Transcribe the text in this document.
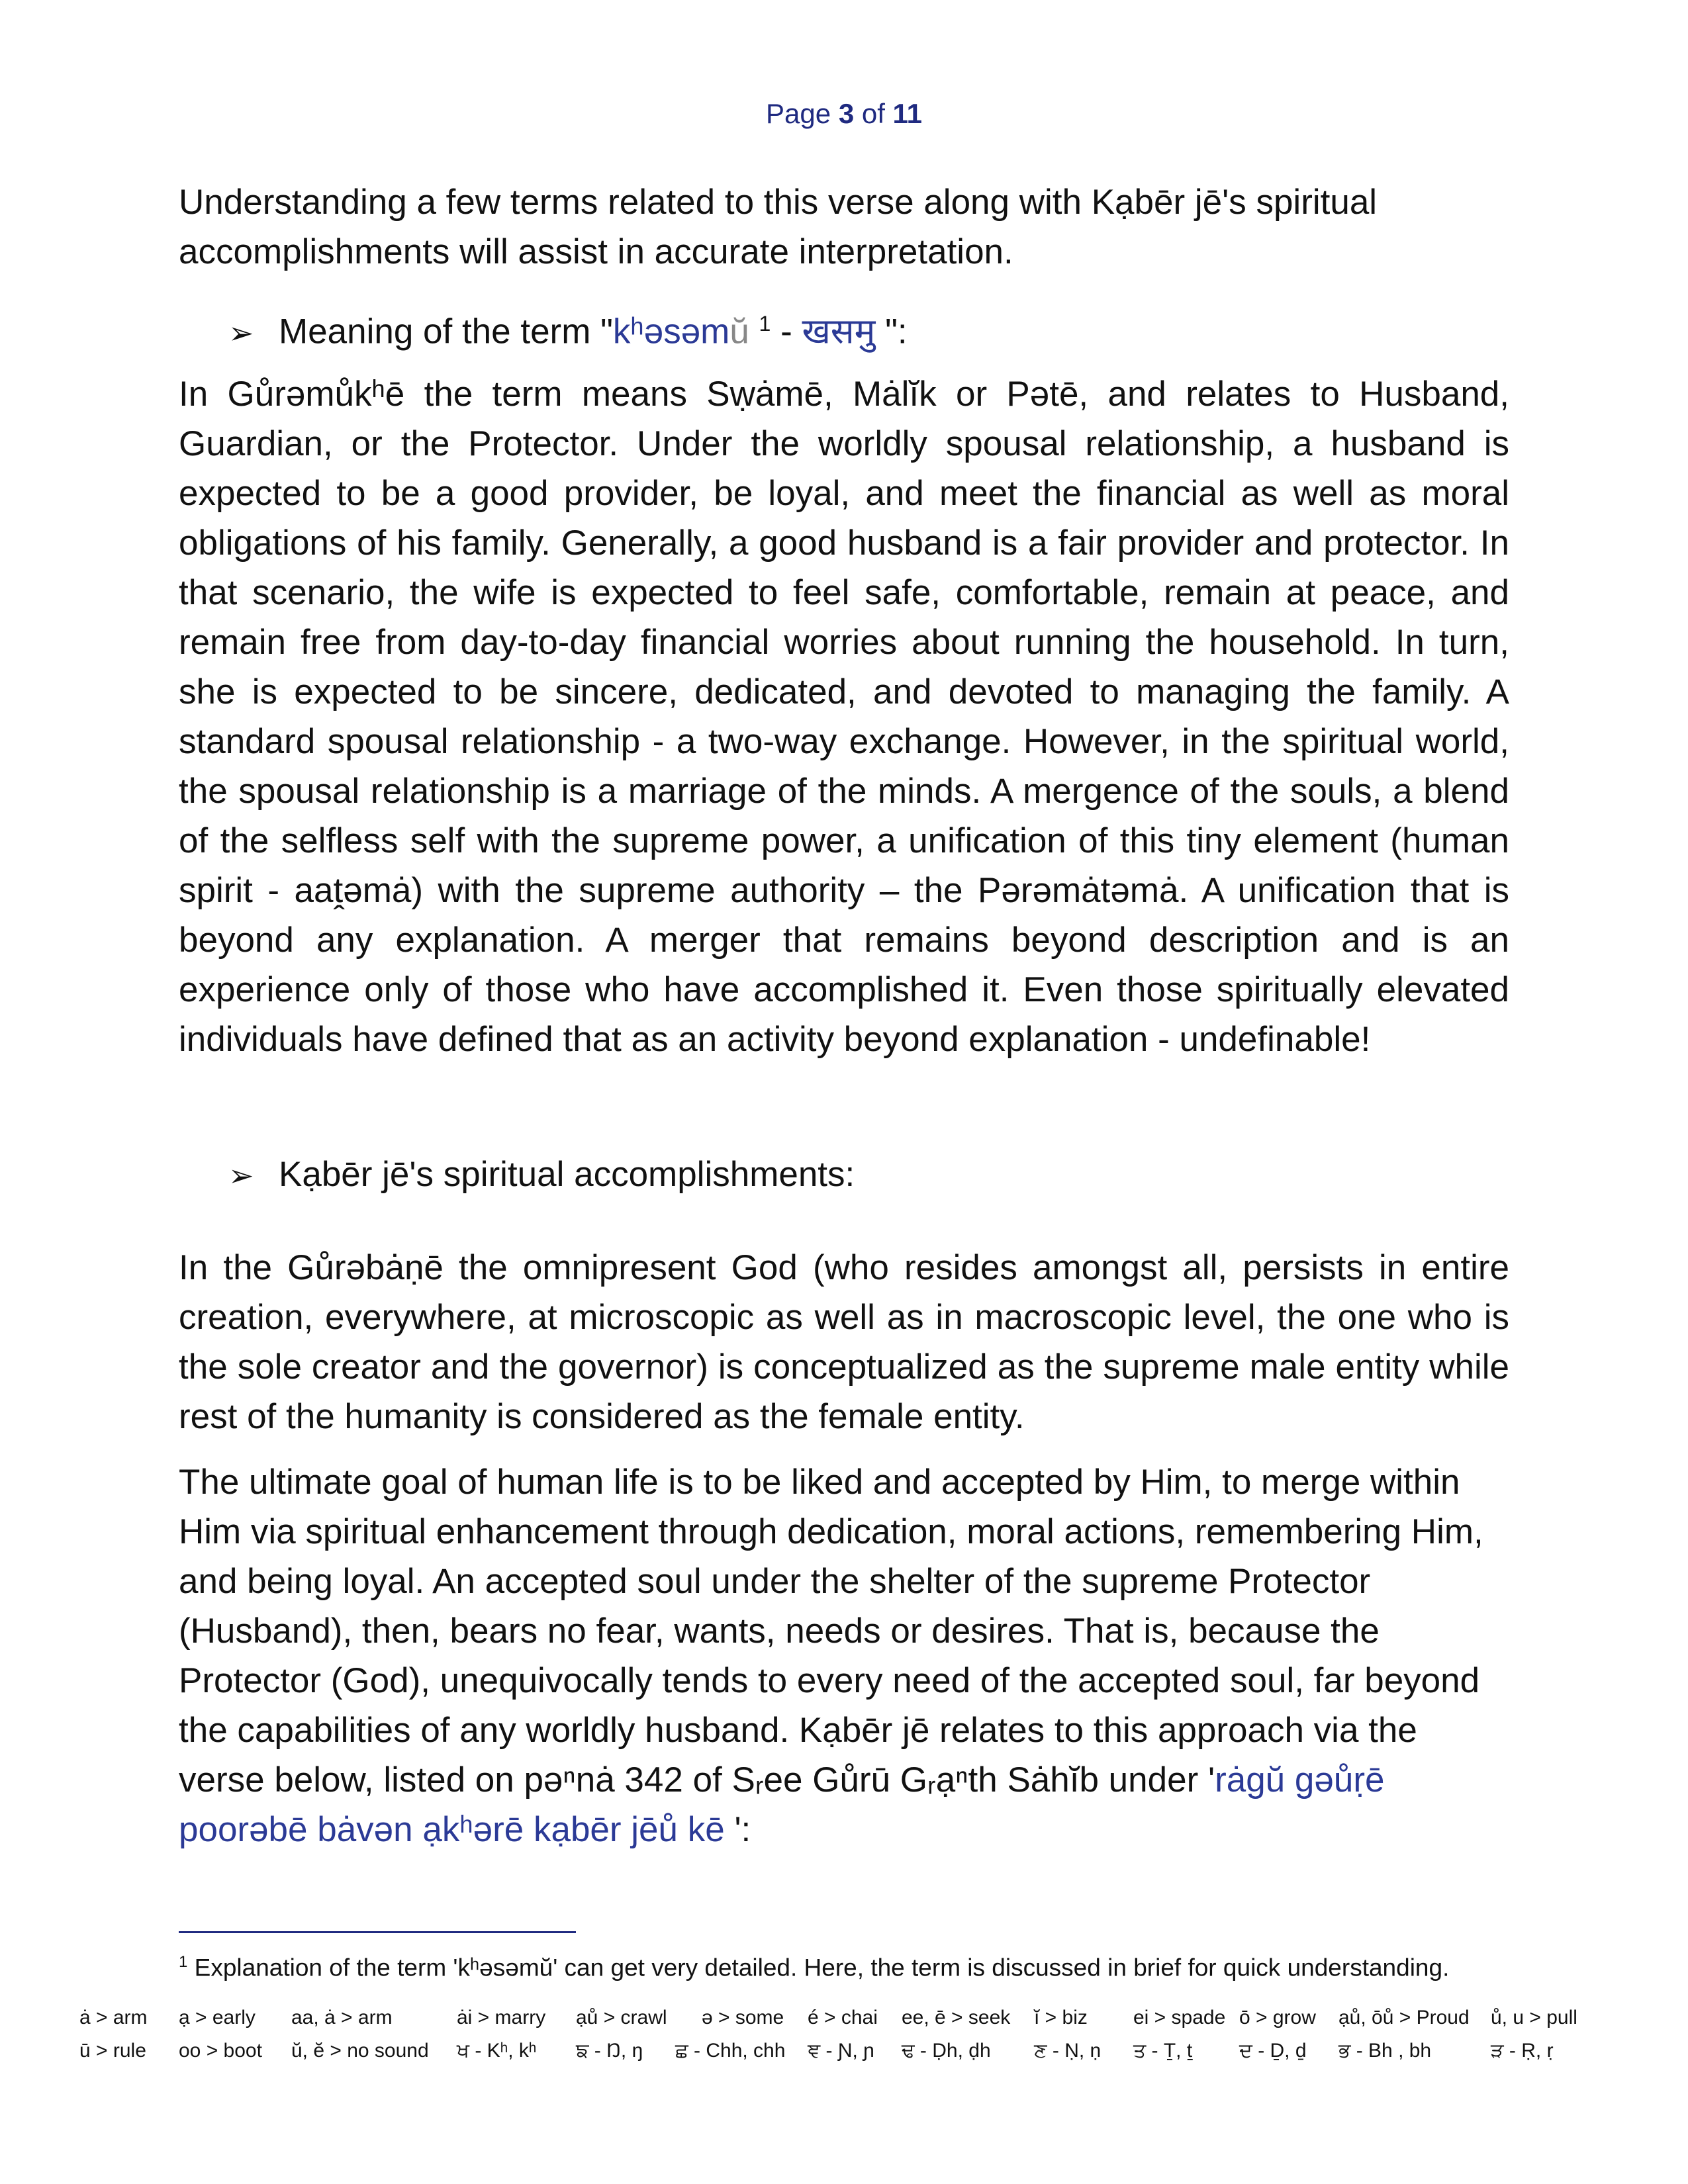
Page 3 of 11

Understanding a few terms related to this verse along with Kạbēr jē's spiritual accomplishments will assist in accurate interpretation.

➢ Meaning of the term "kʰəsəmŭ $^1$ - खसमु ":

In Gůrəmůkʰē the term means Sẉȧmē, Mȧlĭk or Pətē, and relates to Husband, Guardian, or the Protector. Under the worldly spousal relationship, a husband is expected to be a good provider, be loyal, and meet the financial as well as moral obligations of his family. Generally, a good husband is a fair provider and protector. In that scenario, the wife is expected to feel safe, comfortable, remain at peace, and remain free from day-to-day financial worries about running the household. In turn, she is expected to be sincere, dedicated, and devoted to managing the family. A standard spousal relationship - a two-way exchange. However, in the spiritual world, the spousal relationship is a marriage of the minds. A mergence of the souls, a blend of the selfless self with the supreme power, a unification of this tiny element (human spirit - aaṱəmȧ) with the supreme authority – the Pərəmȧtəmȧ. A unification that is beyond any explanation. A merger that remains beyond description and is an experience only of those who have accomplished it. Even those spiritually elevated individuals have defined that as an activity beyond explanation - undefinable!

➢ Kạbēr jē's spiritual accomplishments:

In the Gůrəbȧṇē the omnipresent God (who resides amongst all, persists in entire creation, everywhere, at microscopic as well as in macroscopic level, the one who is the sole creator and the governor) is conceptualized as the supreme male entity while rest of the humanity is considered as the female entity.

The ultimate goal of human life is to be liked and accepted by Him, to merge within Him via spiritual enhancement through dedication, moral actions, remembering Him, and being loyal. An accepted soul under the shelter of the supreme Protector (Husband), then, bears no fear, wants, needs or desires. That is, because the Protector (God), unequivocally tends to every need of the accepted soul, far beyond the capabilities of any worldly husband. Kạbēr jē relates to this approach via the verse below, listed on pəⁿnȧ 342 of Sᵣee Gůrū Gᵣạⁿth Sȧhĭb under 'rȧgŭ gəůṛē poorəbē bȧvən ạkʰərē kạbēr jēů kē ':

$^1$ Explanation of the term 'kʰəsəmŭ' can get very detailed. Here, the term is discussed in brief for quick understanding.
ȧ > arm ạ > early aa, ȧ > arm	ȧi > marry ạů > crawl ə > some é > chai ee, ē > seek ĭ > biz ei > spade ō > grow ạů, ōů > Proud ů, u > pull
ū > rule oo > boot ŭ, ĕ > no sound ਖ - Kʰ, kʰ ਙ - Ŋ, ŋ ਛ - Chh, chh ਞ - Ɲ, ɲ ਢ - Ḍh, ḍh ਣ - Ṇ, ṇ ਤ - Ṯ, ṯ ਦ - Ḏ, ḏ ਭ - Bh , bh	ੜ - Ṛ, ṛ
